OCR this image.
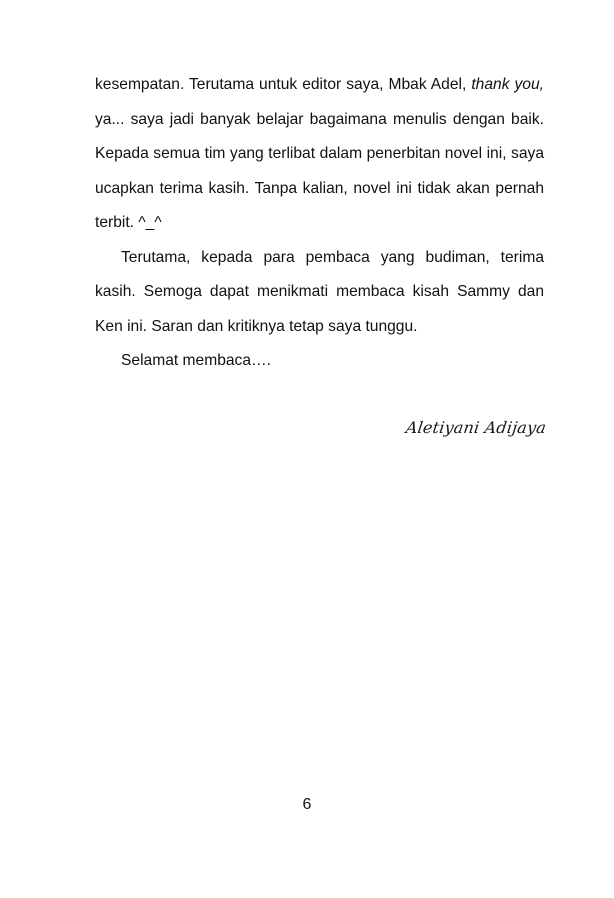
kesempatan. Terutama untuk editor saya, Mbak Adel, thank you, ya... saya jadi banyak belajar bagaimana menulis dengan baik. Kepada semua tim yang terlibat dalam penerbitan novel ini, saya ucapkan terima kasih. Tanpa kalian, novel ini tidak akan pernah terbit. ^_^

Terutama, kepada para pembaca yang budiman, terima kasih. Semoga dapat menikmati membaca kisah Sammy dan Ken ini. Saran dan kritiknya tetap saya tunggu.

Selamat membaca….

Aletiyani Adijaya
6
